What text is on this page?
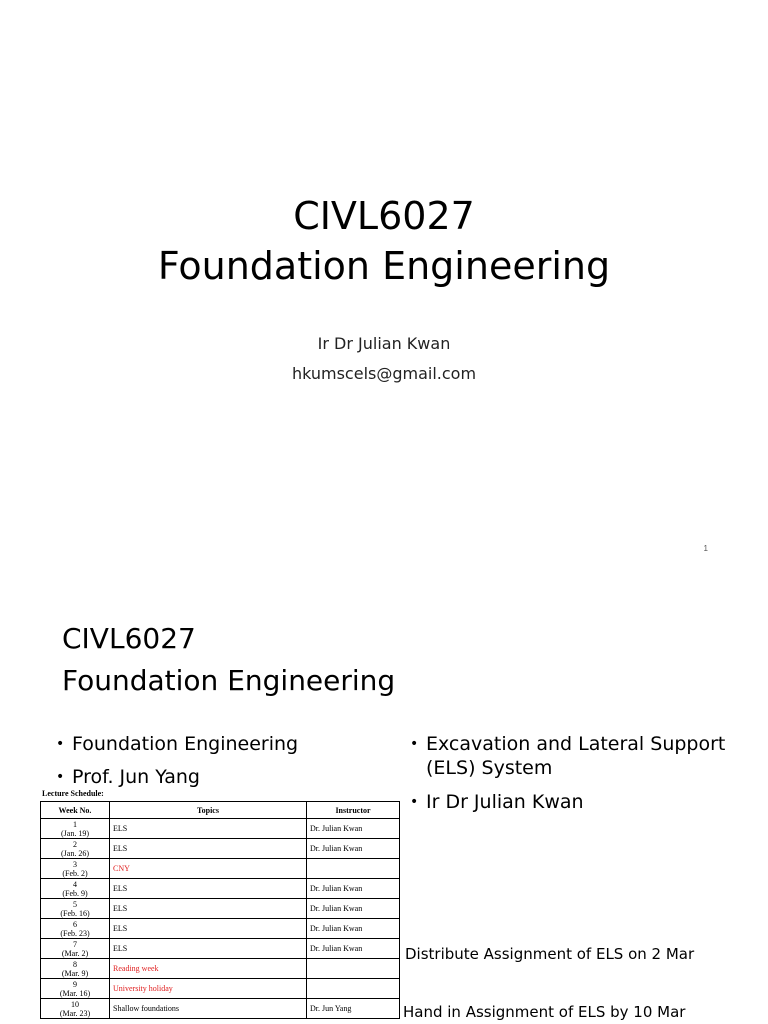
CIVL6027
Foundation Engineering
Ir Dr Julian Kwan
hkumscels@gmail.com
1
CIVL6027
Foundation Engineering
• Foundation Engineering
• Prof. Jun Yang
• Excavation and Lateral Support (ELS) System
• Ir Dr Julian Kwan
Lecture Schedule:
Week No.	Topics	Instructor

1
(Jan. 19)	ELS	Dr. Julian Kwan

2
(Jan. 26)	ELS	Dr. Julian Kwan

3
(Feb. 2)	CNY	

4
(Feb. 9)	ELS	Dr. Julian Kwan

5
(Feb. 16)	ELS	Dr. Julian Kwan

6
(Feb. 23)	ELS	Dr. Julian Kwan

7
(Mar. 2)	ELS	Dr. Julian Kwan

8
(Mar. 9)	Reading week	

9
(Mar. 16)	University holiday	

10
(Mar. 23)	Shallow foundations	Dr. Jun Yang
Distribute Assignment of ELS on 2 Mar
Hand in Assignment of ELS by 10 Mar
